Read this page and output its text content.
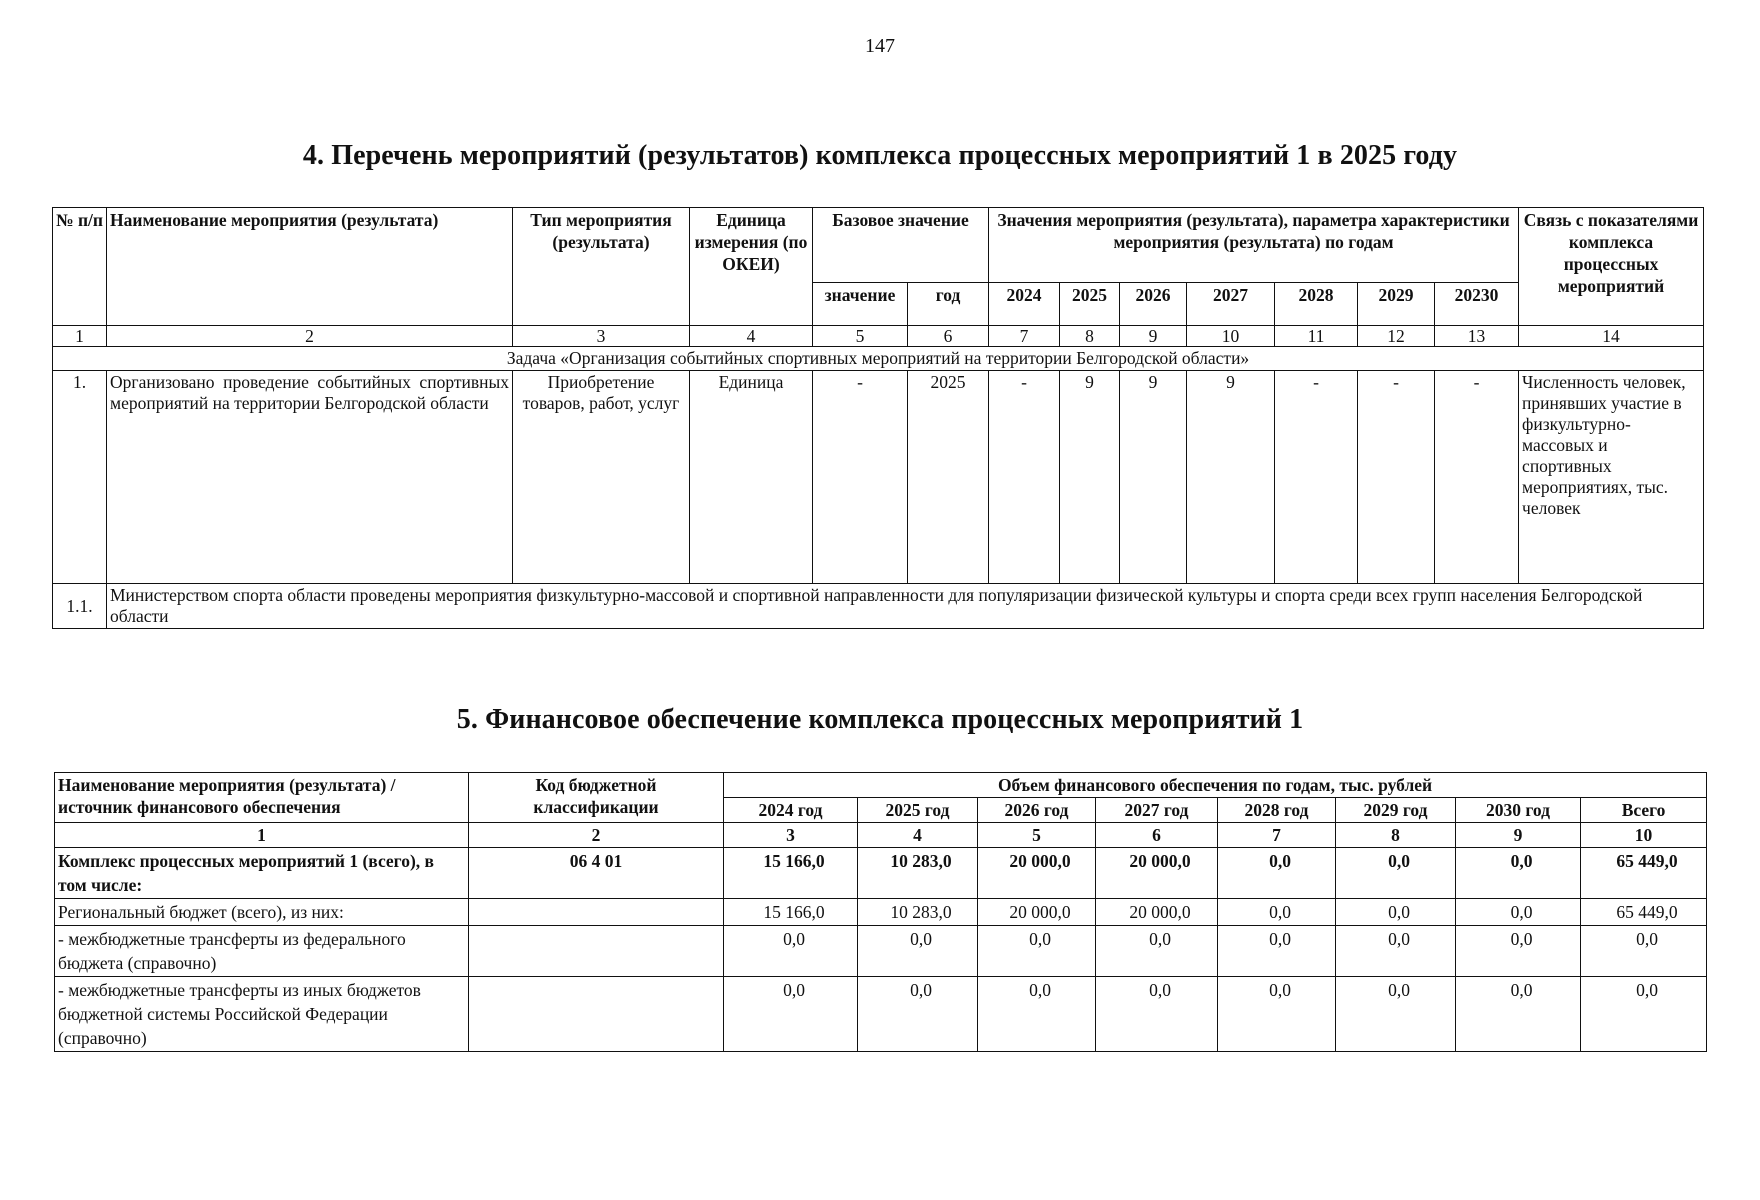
147
4. Перечень мероприятий (результатов) комплекса процессных мероприятий 1 в 2025 году
№ п/п	Наименование мероприятия (результата)	Тип мероприятия (результата)	Единица измерения (по ОКЕИ)	Базовое значение		Значения мероприятия (результата), параметра характеристики мероприятия (результата) по годам							Связь с показателями комплекса процессных мероприятий
				значение	год	2024	2025	2026	2027	2028	2029	20230	
1	2	3	4	5	6	7	8	9	10	11	12	13	14
Задача «Организация событийных спортивных мероприятий на территории Белгородской области»													
1.	Организовано проведение событийных спортивных мероприятий на территории Белгородской области	Приобретение товаров, работ, услуг	Единица	-	2025	-	9	9	9	-	-	-	Численность человек, принявших участие в физкультурно-массовых и спортивных мероприятиях, тыс. человек
1.1.	Министерством спорта области проведены мероприятия физкультурно-массовой и спортивной направленности для популяризации физической культуры и спорта среди всех групп населения Белгородской области												
5. Финансовое обеспечение комплекса процессных мероприятий 1
Наименование мероприятия (результата) /источник финансового обеспечения	Код бюджетной классификации	Объем финансового обеспечения по годам, тыс. рублей							
		2024 год	2025 год	2026 год	2027 год	2028 год	2029 год	2030 год	Всего
1	2	3	4	5	6	7	8	9	10
Комплекс процессных мероприятий 1 (всего), в том числе:	06 4 01	15 166,0	10 283,0	20 000,0	20 000,0	0,0	0,0	0,0	65 449,0
Региональный бюджет (всего), из них:		15 166,0	10 283,0	20 000,0	20 000,0	0,0	0,0	0,0	65 449,0
- межбюджетные трансферты из федерального бюджета (справочно)		0,0	0,0	0,0	0,0	0,0	0,0	0,0	0,0
- межбюджетные трансферты из иных бюджетов бюджетной системы Российской Федерации (справочно)		0,0	0,0	0,0	0,0	0,0	0,0	0,0	0,0
